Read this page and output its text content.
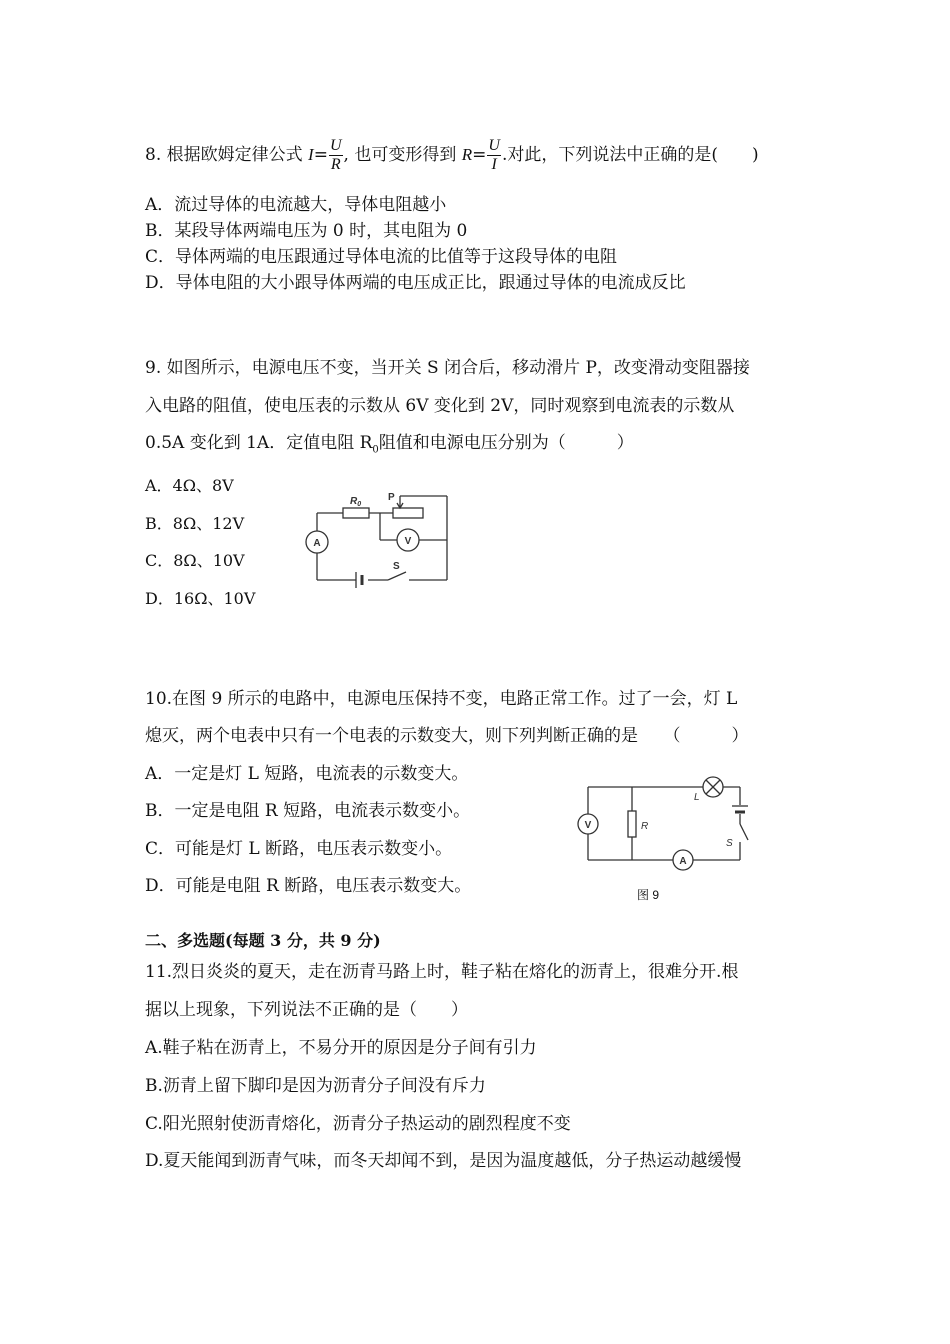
8. 根据欧姆定律公式 $I= \frac{U}{R}$ , 也可变形得到 $R= \frac{U}{I}$ .对此，下列说法中正确的是(　　)
A．流过导体的电流越大，导体电阻越小
B．某段导体两端电压为 0 时，其电阻为 0
C．导体两端的电压跟通过导体电流的比值等于这段导体的电阻
D．导体电阻的大小跟导体两端的电压成正比，跟通过导体的电流成反比
9. 如图所示，电源电压不变，当开关 S 闭合后，移动滑片 P，改变滑动变阻器接
入电路的阻值，使电压表的示数从 6V 变化到 2V，同时观察到电流表的示数从
0.5A 变化到 1A．定值电阻 $R_0$阻值和电源电压分别为（　　　）
A．4Ω、8V
B．8Ω、12V
C．8Ω、10V
D．16Ω、10V
A	V
$R_0$
P
S
10.在图 9 所示的电路中，电源电压保持不变，电路正常工作。过了一会，灯 L
熄灭，两个电表中只有一个电表的示数变大，则下列判断正确的是　　（　　　）
A．一定是灯 L 短路，电流表的示数变大。
B．一定是电阻 R 短路，电流表示数变小。
C．可能是灯 L 断路，电压表示数变小。
D．可能是电阻 R 断路，电压表示数变大。
V	R
L
S
A
图 9
二、多选题(每题 3 分，共 9 分)
11.烈日炎炎的夏天，走在沥青马路上时，鞋子粘在熔化的沥青上，很难分开.根
据以上现象，下列说法不正确的是（　　）
A.鞋子粘在沥青上，不易分开的原因是分子间有引力
B.沥青上留下脚印是因为沥青分子间没有斥力
C.阳光照射使沥青熔化，沥青分子热运动的剧烈程度不变
D.夏天能闻到沥青气味，而冬天却闻不到，是因为温度越低，分子热运动越缓慢
